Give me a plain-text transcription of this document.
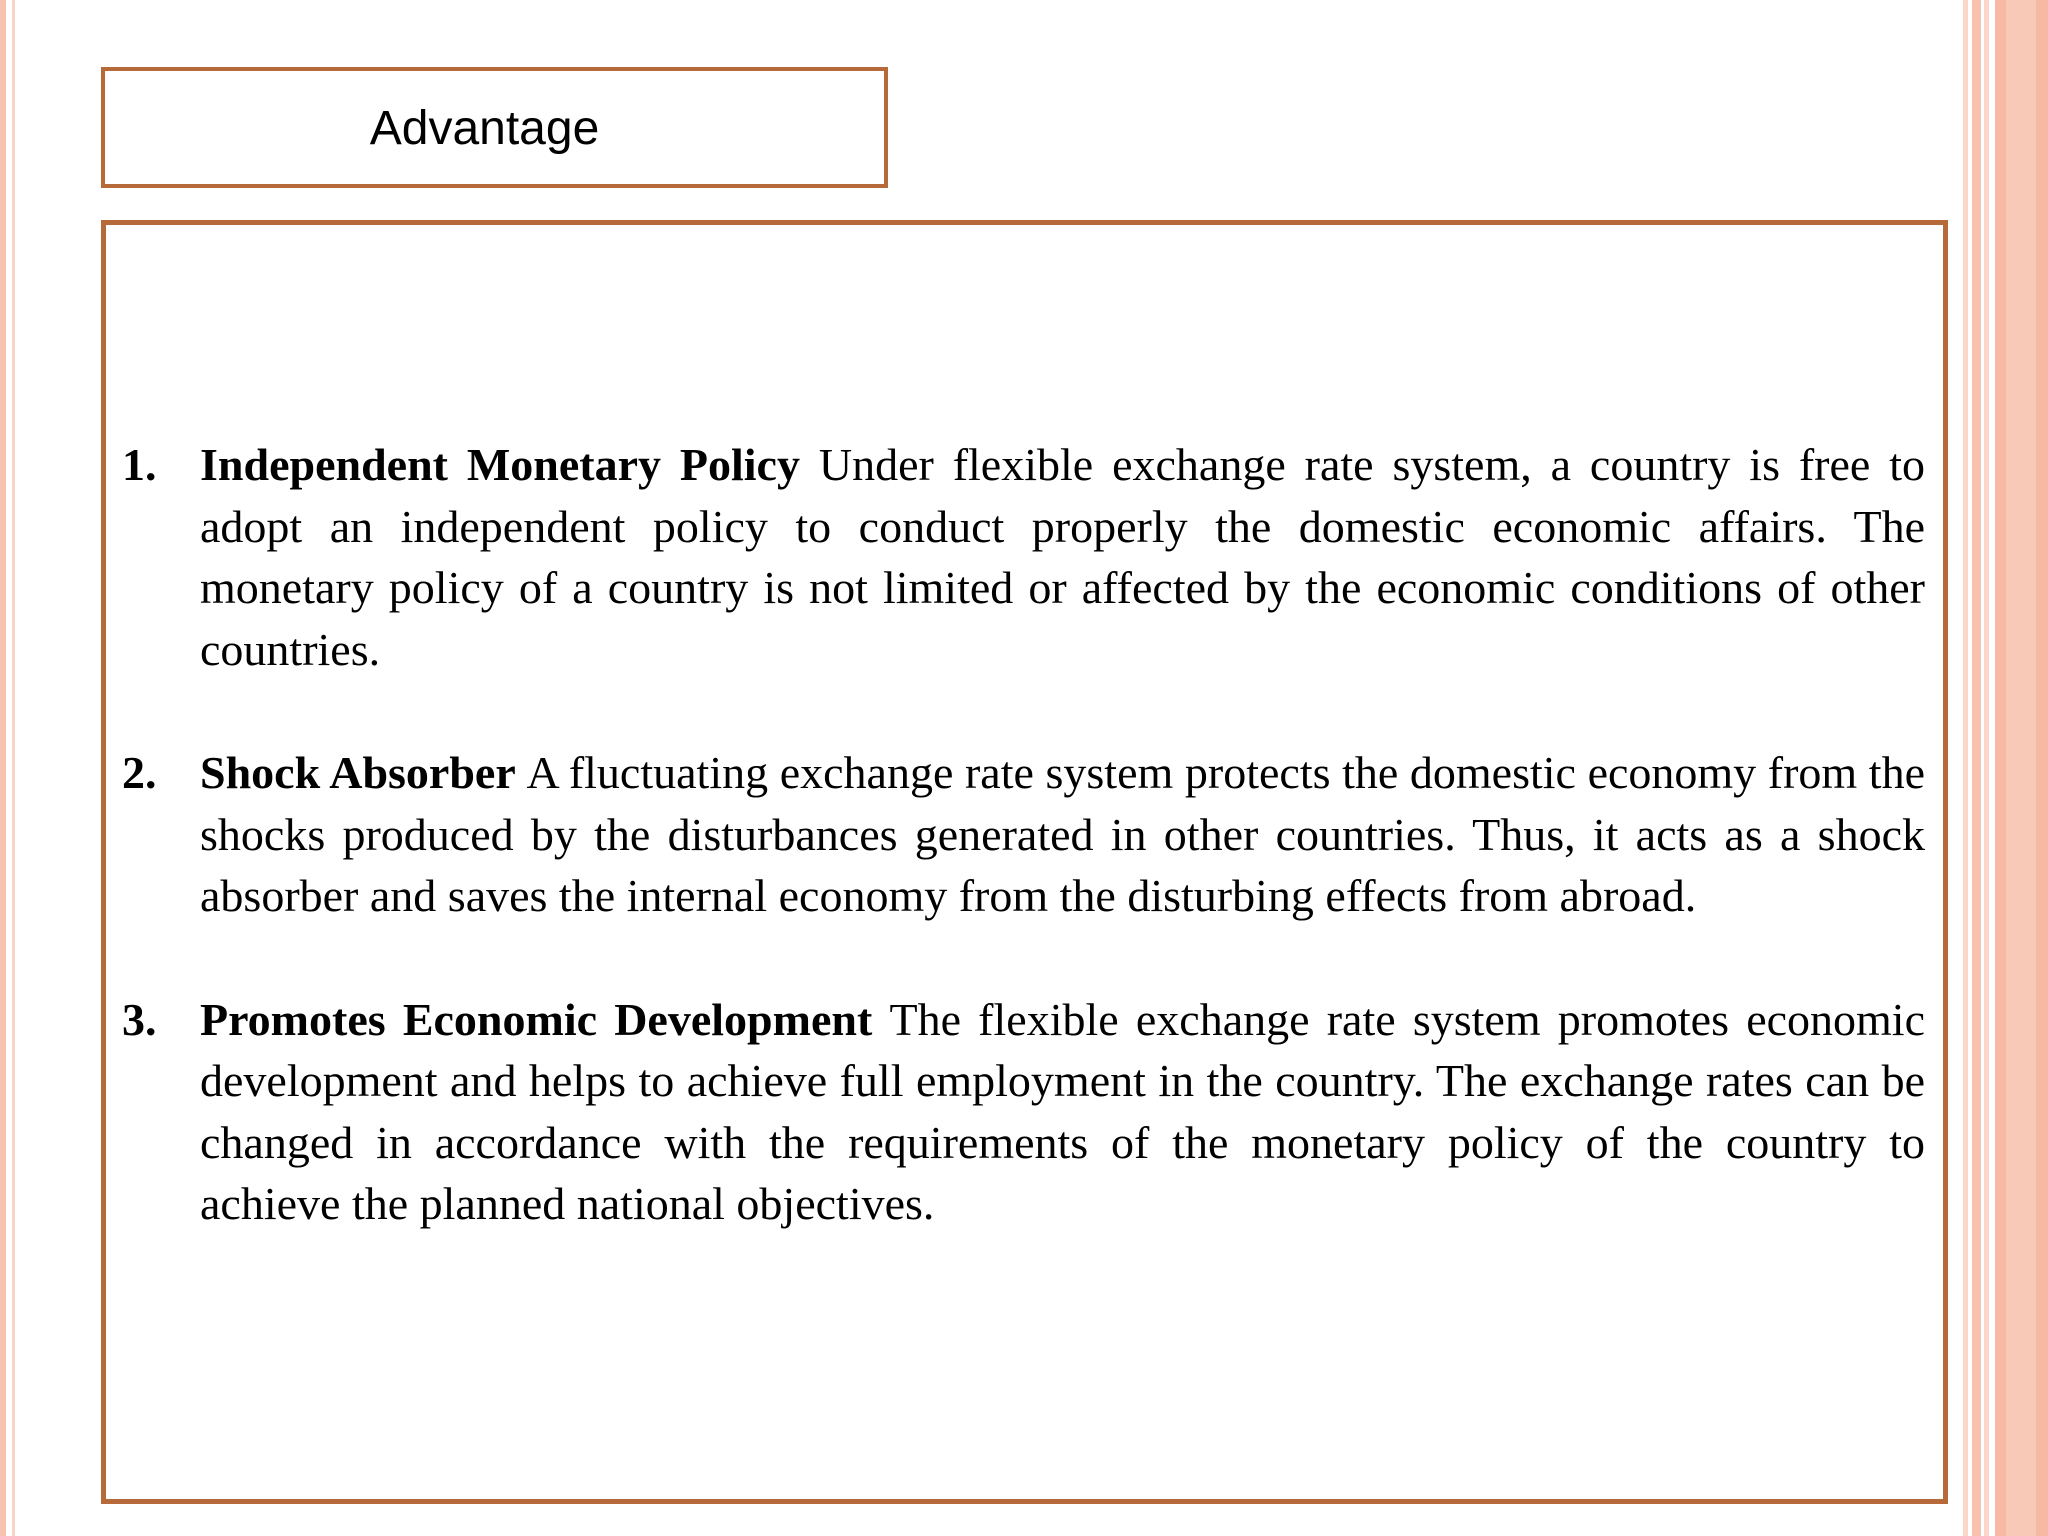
Advantage
1. Independent Monetary Policy Under flexible exchange rate system, a country is free to adopt an independent policy to conduct properly the domestic economic affairs. The monetary policy of a country is not limited or affected by the economic conditions of other countries.
2. Shock Absorber A fluctuating exchange rate system protects the domestic economy from the shocks produced by the disturbances generated in other countries. Thus, it acts as a shock absorber and saves the internal economy from the disturbing effects from abroad.
3. Promotes Economic Development The flexible exchange rate system promotes economic development and helps to achieve full employment in the country. The exchange rates can be changed in accordance with the requirements of the monetary policy of the country to achieve the planned national objectives.
